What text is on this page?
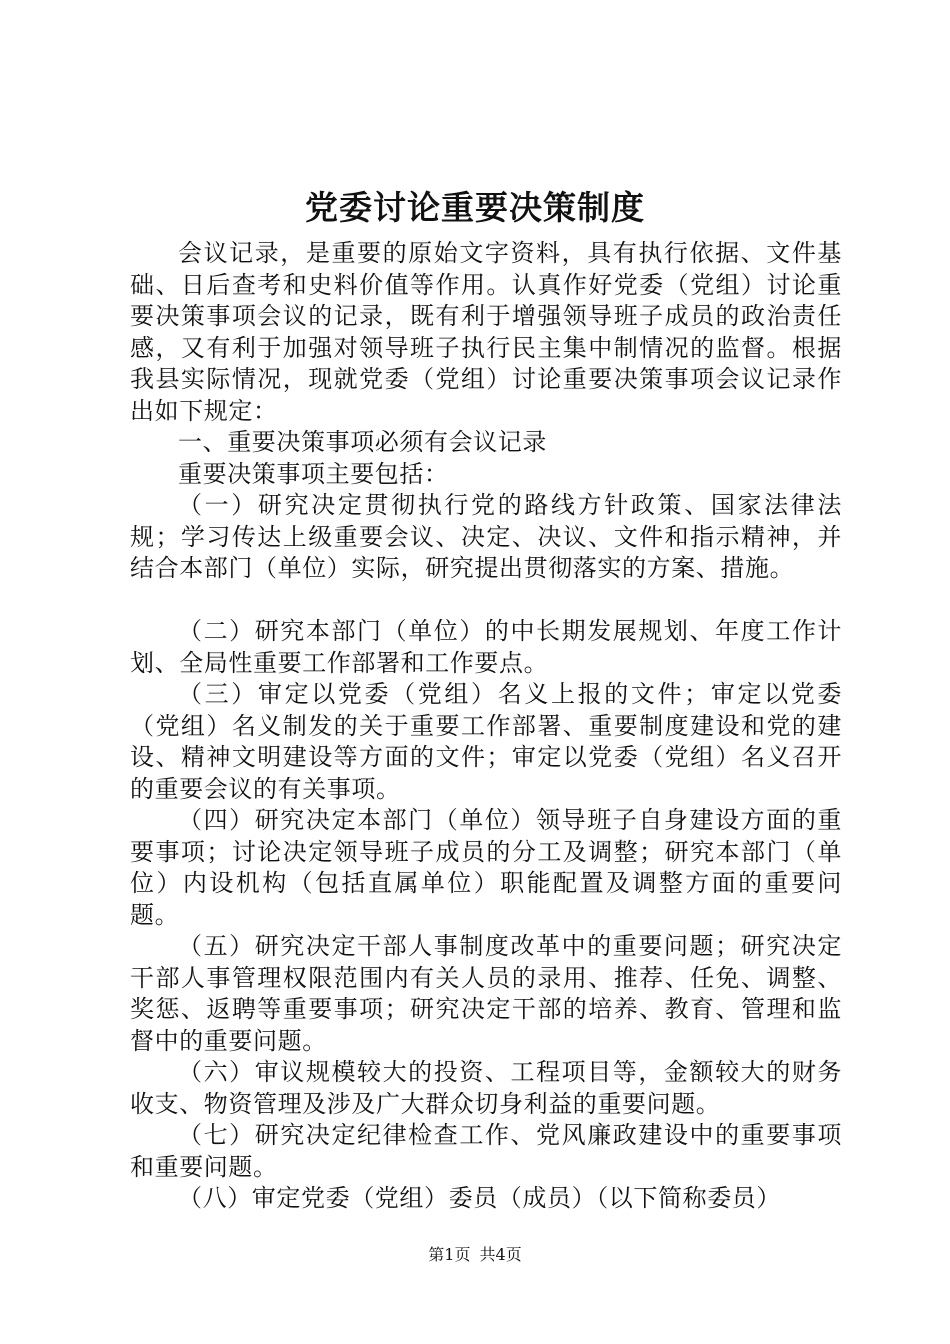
党委讨论重要决策制度

会议记录，是重要的原始文字资料，具有执行依据、文件基础、日后查考和史料价值等作用。认真作好党委（党组）讨论重要决策事项会议的记录，既有利于增强领导班子成员的政治责任感，又有利于加强对领导班子执行民主集中制情况的监督。根据我县实际情况，现就党委（党组）讨论重要决策事项会议记录作出如下规定：

一、重要决策事项必须有会议记录

重要决策事项主要包括：

（一）研究决定贯彻执行党的路线方针政策、国家法律法规；学习传达上级重要会议、决定、决议、文件和指示精神，并结合本部门（单位）实际，研究提出贯彻落实的方案、措施。

（二）研究本部门（单位）的中长期发展规划、年度工作计划、全局性重要工作部署和工作要点。

（三）审定以党委（党组）名义上报的文件；审定以党委（党组）名义制发的关于重要工作部署、重要制度建设和党的建设、精神文明建设等方面的文件；审定以党委（党组）名义召开的重要会议的有关事项。

（四）研究决定本部门（单位）领导班子自身建设方面的重要事项；讨论决定领导班子成员的分工及调整；研究本部门（单位）内设机构（包括直属单位）职能配置及调整方面的重要问题。

（五）研究决定干部人事制度改革中的重要问题；研究决定干部人事管理权限范围内有关人员的录用、推荐、任免、调整、奖惩、返聘等重要事项；研究决定干部的培养、教育、管理和监督中的重要问题。

（六）审议规模较大的投资、工程项目等，金额较大的财务收支、物资管理及涉及广大群众切身利益的重要问题。

（七）研究决定纪律检查工作、党风廉政建设中的重要事项和重要问题。

（八）审定党委（党组）委员（成员）（以下简称委员）

第1页 共4页
